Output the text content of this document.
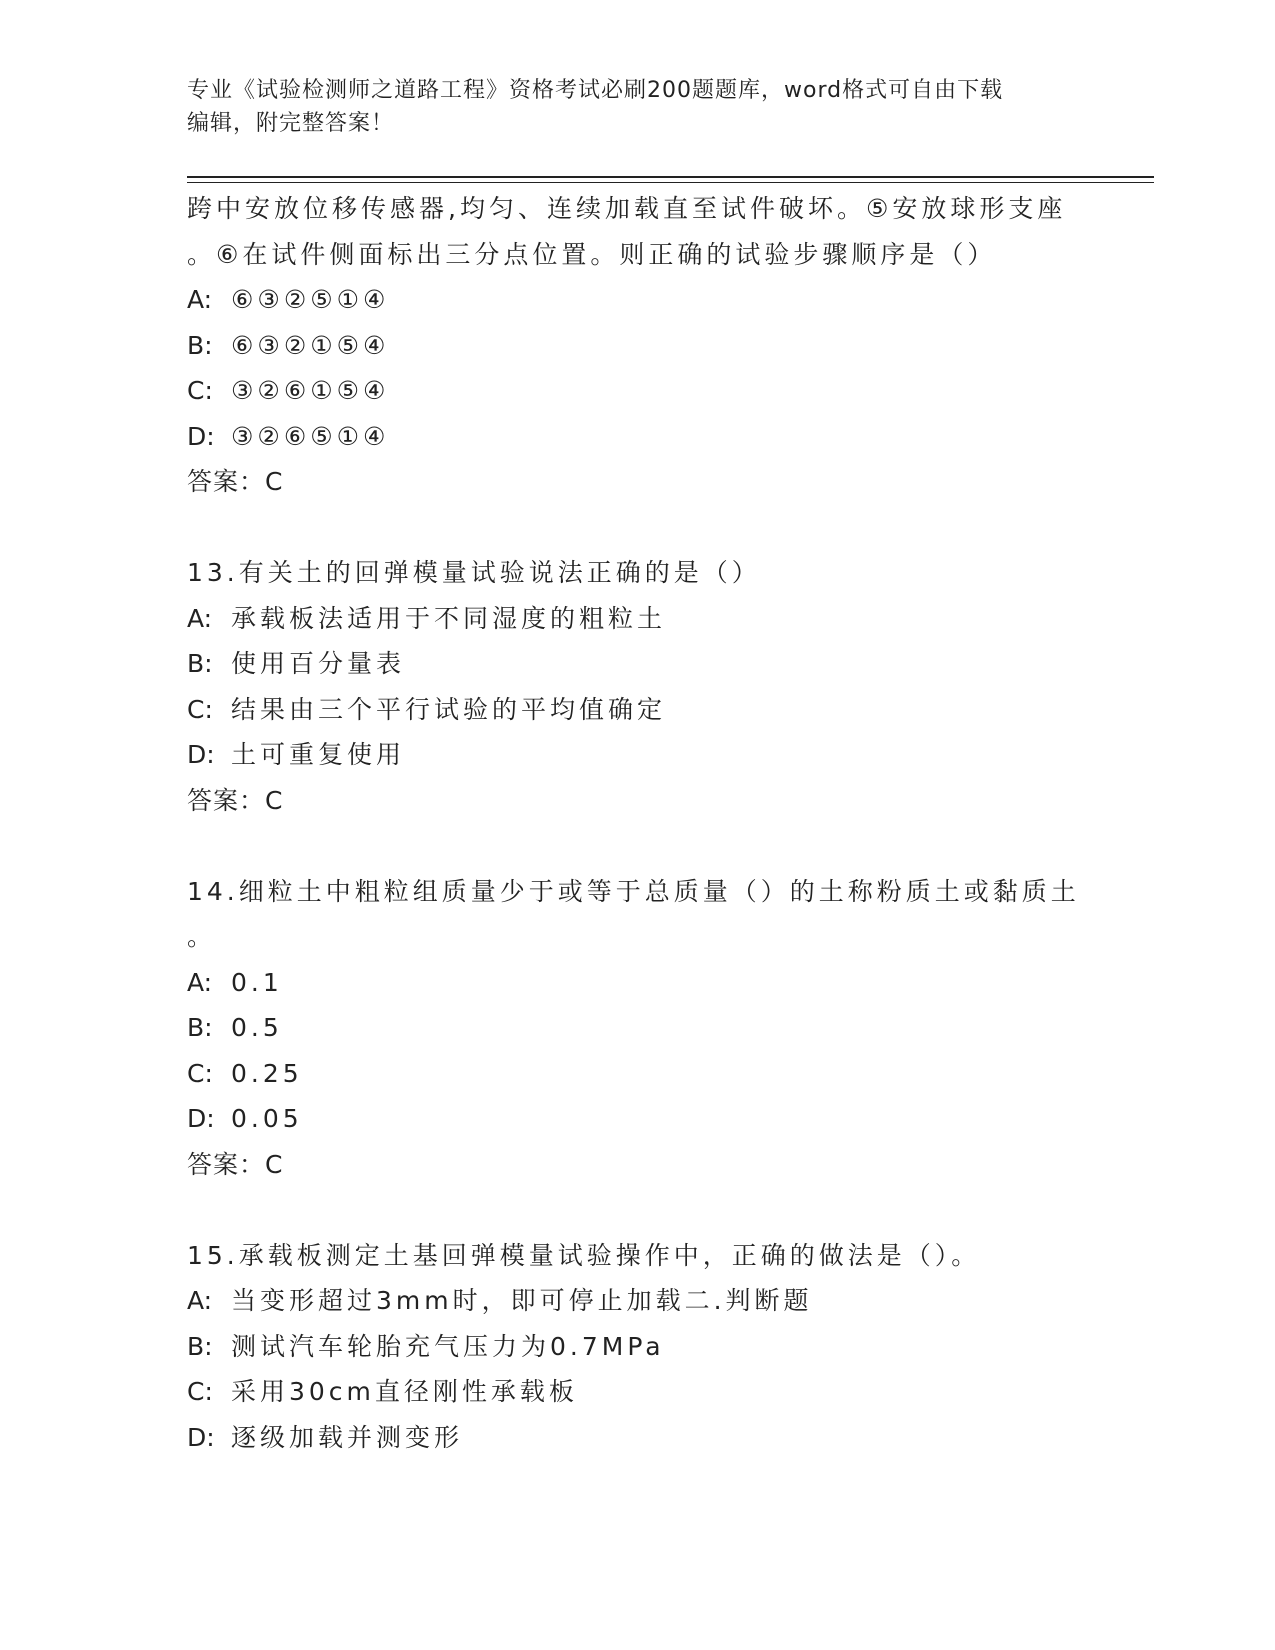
专业《试验检测师之道路工程》资格考试必刷200题题库，word格式可自由下载
编辑，附完整答案！
跨中安放位移传感器,均匀、连续加载直至试件破坏。⑤安放球形支座
。⑥在试件侧面标出三分点位置。则正确的试验步骤顺序是（）
A: ⑥③②⑤①④
B: ⑥③②①⑤④
C: ③②⑥①⑤④
D: ③②⑥⑤①④
答案：C
13.有关土的回弹模量试验说法正确的是（）
A: 承载板法适用于不同湿度的粗粒土
B: 使用百分量表
C: 结果由三个平行试验的平均值确定
D: 土可重复使用
答案：C
14.细粒土中粗粒组质量少于或等于总质量（）的土称粉质土或黏质土
。
A: 0.1
B: 0.5
C: 0.25
D: 0.05
答案：C
15.承载板测定土基回弹模量试验操作中，正确的做法是（）。
A: 当变形超过3mm时，即可停止加载二.判断题
B: 测试汽车轮胎充气压力为0.7MPa
C: 采用30cm直径刚性承载板
D: 逐级加载并测变形
